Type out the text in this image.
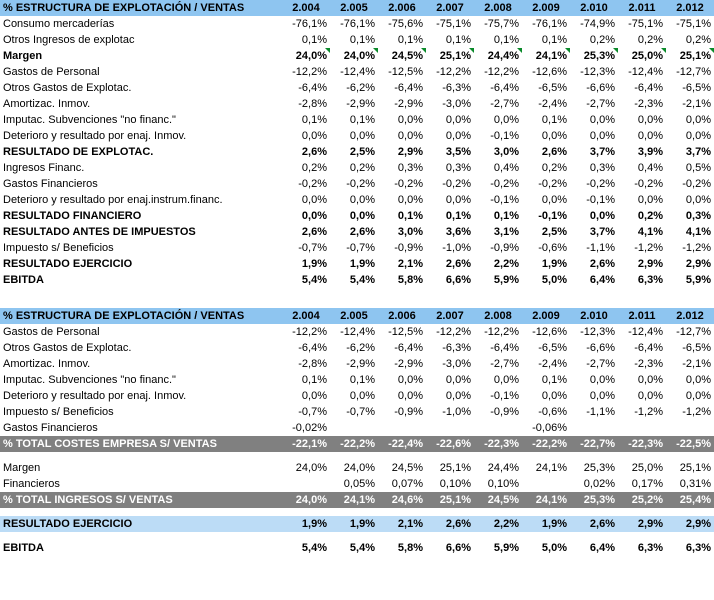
% ESTRUCTURA DE EXPLOTACIÓN / VENTAS	2.004	2.005	2.006	2.007	2.008	2.009	2.010	2.011	2.012
Consumo mercaderías	-76,1%	-76,1%	-75,6%	-75,1%	-75,7%	-76,1%	-74,9%	-75,1%	-75,1%
Otros Ingresos de explotac	0,1%	0,1%	0,1%	0,1%	0,1%	0,1%	0,2%	0,2%	0,2%
Margen	24,0%	24,0%	24,5%	25,1%	24,4%	24,1%	25,3%	25,0%	25,1%
Gastos de Personal	-12,2%	-12,4%	-12,5%	-12,2%	-12,2%	-12,6%	-12,3%	-12,4%	-12,7%
Otros Gastos de Explotac.	-6,4%	-6,2%	-6,4%	-6,3%	-6,4%	-6,5%	-6,6%	-6,4%	-6,5%
Amortizac. Inmov.	-2,8%	-2,9%	-2,9%	-3,0%	-2,7%	-2,4%	-2,7%	-2,3%	-2,1%
Imputac. Subvenciones "no financ."	0,1%	0,1%	0,0%	0,0%	0,0%	0,1%	0,0%	0,0%	0,0%
Deterioro y resultado por enaj. Inmov.	0,0%	0,0%	0,0%	0,0%	-0,1%	0,0%	0,0%	0,0%	0,0%
RESULTADO DE EXPLOTAC.	2,6%	2,5%	2,9%	3,5%	3,0%	2,6%	3,7%	3,9%	3,7%
Ingresos Financ.	0,2%	0,2%	0,3%	0,3%	0,4%	0,2%	0,3%	0,4%	0,5%
Gastos Financieros	-0,2%	-0,2%	-0,2%	-0,2%	-0,2%	-0,2%	-0,2%	-0,2%	-0,2%
Deterioro y resultado por enaj.instrum.financ.	0,0%	0,0%	0,0%	0,0%	-0,1%	0,0%	-0,1%	0,0%	0,0%
RESULTADO FINANCIERO	0,0%	0,0%	0,1%	0,1%	0,1%	-0,1%	0,0%	0,2%	0,3%
RESULTADO ANTES DE IMPUESTOS	2,6%	2,6%	3,0%	3,6%	3,1%	2,5%	3,7%	4,1%	4,1%
Impuesto s/ Beneficios	-0,7%	-0,7%	-0,9%	-1,0%	-0,9%	-0,6%	-1,1%	-1,2%	-1,2%
RESULTADO EJERCICIO	1,9%	1,9%	2,1%	2,6%	2,2%	1,9%	2,6%	2,9%	2,9%
EBITDA	5,4%	5,4%	5,8%	6,6%	5,9%	5,0%	6,4%	6,3%	5,9%

% ESTRUCTURA DE EXPLOTACIÓN / VENTAS	2.004	2.005	2.006	2.007	2.008	2.009	2.010	2.011	2.012
Gastos de Personal	-12,2%	-12,4%	-12,5%	-12,2%	-12,2%	-12,6%	-12,3%	-12,4%	-12,7%
Otros Gastos de Explotac.	-6,4%	-6,2%	-6,4%	-6,3%	-6,4%	-6,5%	-6,6%	-6,4%	-6,5%
Amortizac. Inmov.	-2,8%	-2,9%	-2,9%	-3,0%	-2,7%	-2,4%	-2,7%	-2,3%	-2,1%
Imputac. Subvenciones "no financ."	0,1%	0,1%	0,0%	0,0%	0,0%	0,1%	0,0%	0,0%	0,0%
Deterioro y resultado por enaj. Inmov.	0,0%	0,0%	0,0%	0,0%	-0,1%	0,0%	0,0%	0,0%	0,0%
Impuesto s/ Beneficios	-0,7%	-0,7%	-0,9%	-1,0%	-0,9%	-0,6%	-1,1%	-1,2%	-1,2%
Gastos Financieros	-0,02%					-0,06%			
% TOTAL COSTES EMPRESA S/ VENTAS	-22,1%	-22,2%	-22,4%	-22,6%	-22,3%	-22,2%	-22,7%	-22,3%	-22,5%

Margen	24,0%	24,0%	24,5%	25,1%	24,4%	24,1%	25,3%	25,0%	25,1%
Financieros		0,05%	0,07%	0,10%	0,10%		0,02%	0,17%	0,31%
% TOTAL INGRESOS S/ VENTAS	24,0%	24,1%	24,6%	25,1%	24,5%	24,1%	25,3%	25,2%	25,4%

RESULTADO EJERCICIO	1,9%	1,9%	2,1%	2,6%	2,2%	1,9%	2,6%	2,9%	2,9%

EBITDA	5,4%	5,4%	5,8%	6,6%	5,9%	5,0%	6,4%	6,3%	6,3%
